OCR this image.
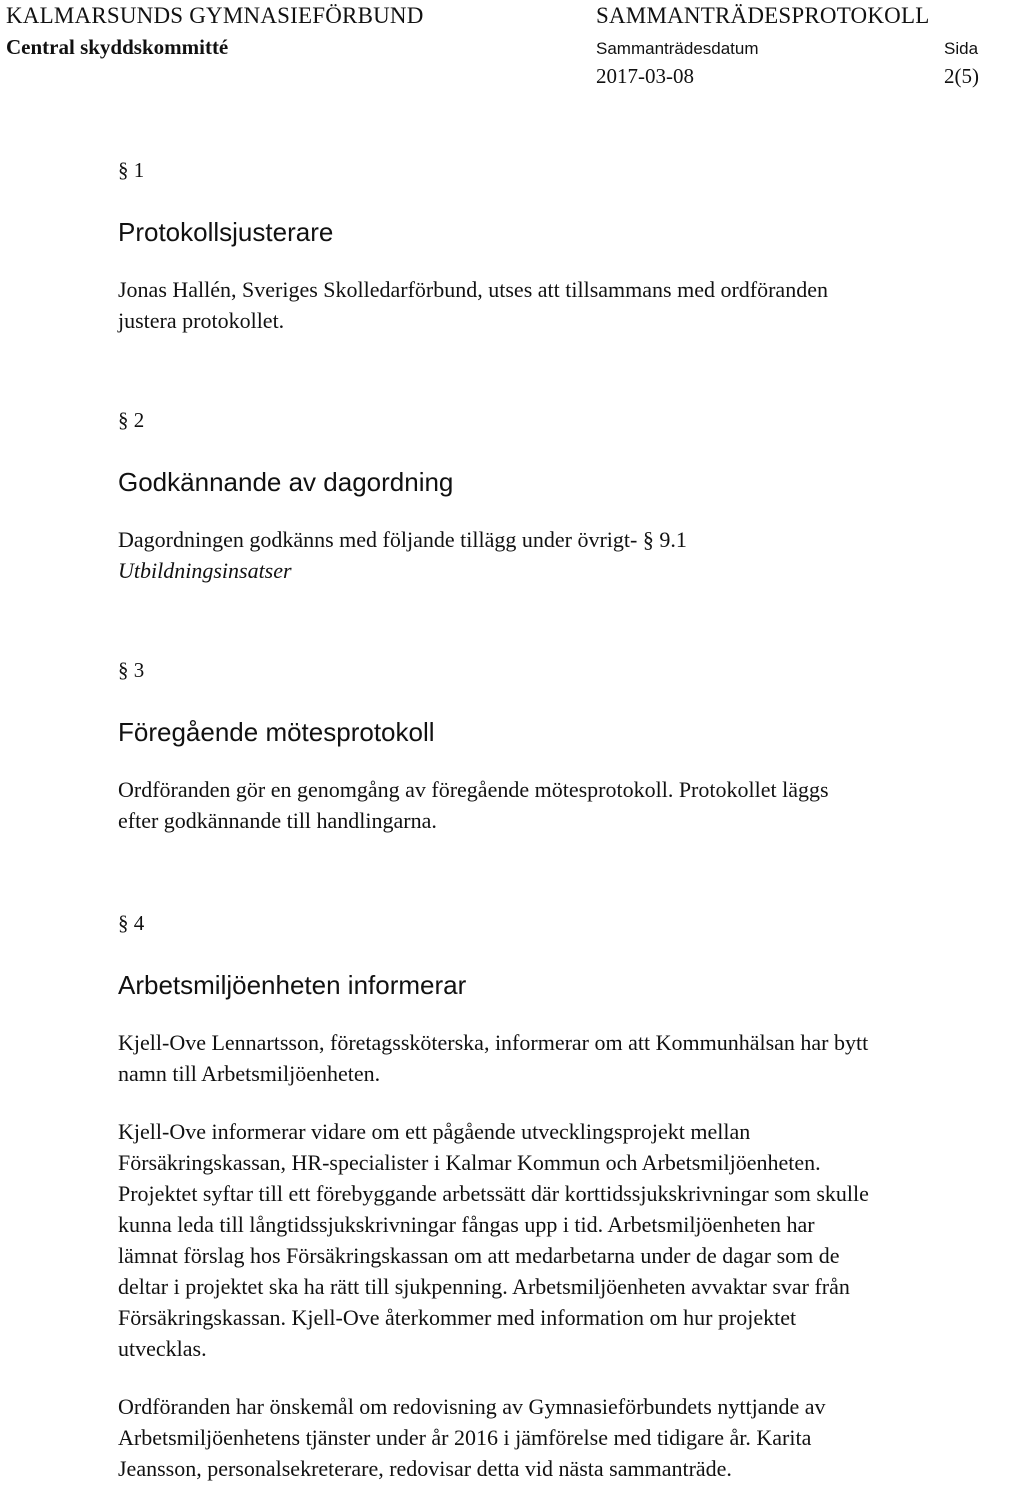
KALMARSUNDS GYMNASIEFÖRBUND
Central skyddskommitté
SAMMANTRÄDESPROTOKOLL
Sammanträdesdatum	Sida
2017-03-08	2(5)

§ 1

Protokollsjusterare

Jonas Hallén, Sveriges Skolledarförbund, utses att tillsammans med ordföranden

justera protokollet.

§ 2

Godkännande av dagordning

Dagordningen godkänns med följande tillägg under övrigt- § 9.1

Utbildningsinsatser

§ 3

Föregående mötesprotokoll

Ordföranden gör en genomgång av föregående mötesprotokoll. Protokollet läggs

efter godkännande till handlingarna.

§ 4

Arbetsmiljöenheten informerar

Kjell-Ove Lennartsson, företagssköterska, informerar om att Kommunhälsan har bytt

namn till Arbetsmiljöenheten.

Kjell-Ove informerar vidare om ett pågående utvecklingsprojekt mellan

Försäkringskassan, HR-specialister i Kalmar Kommun och Arbetsmiljöenheten.

Projektet syftar till ett förebyggande arbetssätt där korttidssjukskrivningar som skulle

kunna leda till långtidssjukskrivningar fångas upp i tid. Arbetsmiljöenheten har

lämnat förslag hos Försäkringskassan om att medarbetarna under de dagar som de

deltar i projektet ska ha rätt till sjukpenning. Arbetsmiljöenheten avvaktar svar från

Försäkringskassan. Kjell-Ove återkommer med information om hur projektet

utvecklas.

Ordföranden har önskemål om redovisning av Gymnasieförbundets nyttjande av

Arbetsmiljöenhetens tjänster under år 2016 i jämförelse med tidigare år. Karita

Jeansson, personalsekreterare, redovisar detta vid nästa sammanträde.
